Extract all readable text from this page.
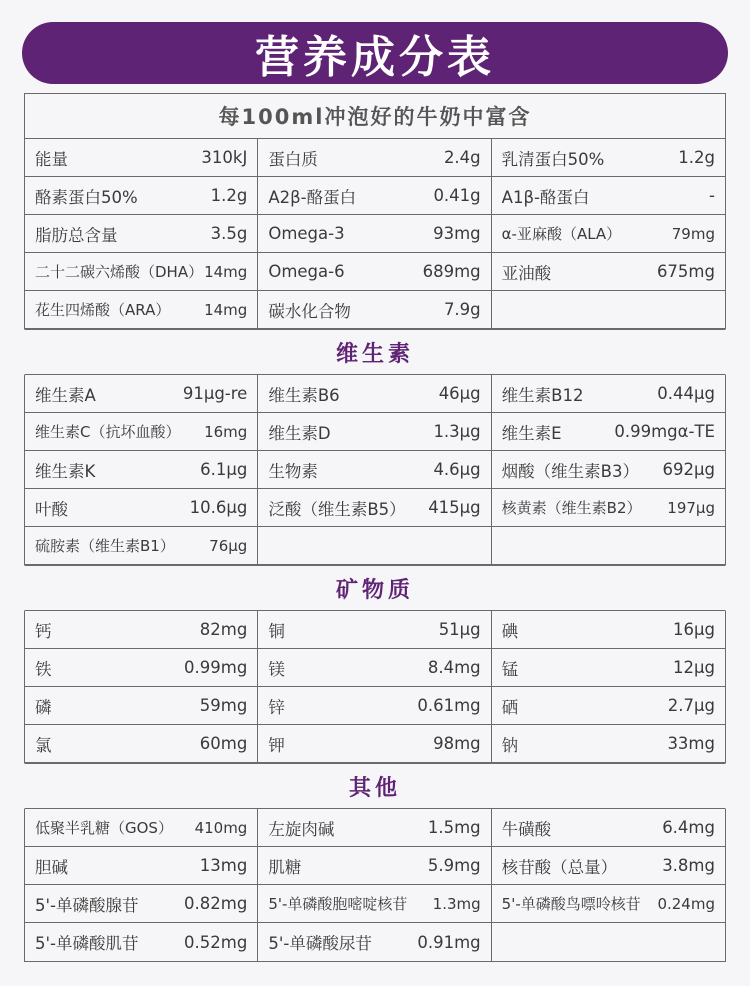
营养成分表
每100ml冲泡好的牛奶中富含
能量	310kJ 蛋白质	2.4g 乳清蛋白50%	1.2g
酪素蛋白50%	1.2g A2β-酪蛋白	0.41g A1β-酪蛋白	-
脂肪总含量	3.5g Omega-3	93mg α-亚麻酸（ALA）	79mg
二十二碳六烯酸（DHA） 14mg Omega-6	689mg 亚油酸	675mg
花生四烯酸（ARA）	14mg 碳水化合物	7.9g
维生素
维生素A	91μg-re 维生素B6	46μg 维生素B12	0.44μg
维生素C（抗坏血酸）	16mg 维生素D	1.3μg 维生素E	0.99mgα-TE
维生素K	6.1μg 生物素	4.6μg 烟酸（维生素B3）	692μg
叶酸	10.6μg 泛酸（维生素B5）	415μg 核黄素（维生素B2）	197μg
硫胺素（维生素B1）	76μg
矿物质
钙	82mg 铜	51μg 碘	16μg
铁	0.99mg 镁	8.4mg 锰	12μg
磷	59mg 锌	0.61mg 硒	2.7μg
氯	60mg 钾	98mg 钠	33mg
其他
低聚半乳糖（GOS）	410mg 左旋肉碱	1.5mg 牛磺酸	6.4mg
胆碱	13mg 肌糖	5.9mg 核苷酸（总量）	3.8mg
5'-单磷酸腺苷	0.82mg 5'-单磷酸胞嘧啶核苷	1.3mg 5'-单磷酸鸟嘌呤核苷	0.24mg
5'-单磷酸肌苷	0.52mg 5'-单磷酸尿苷	0.91mg
